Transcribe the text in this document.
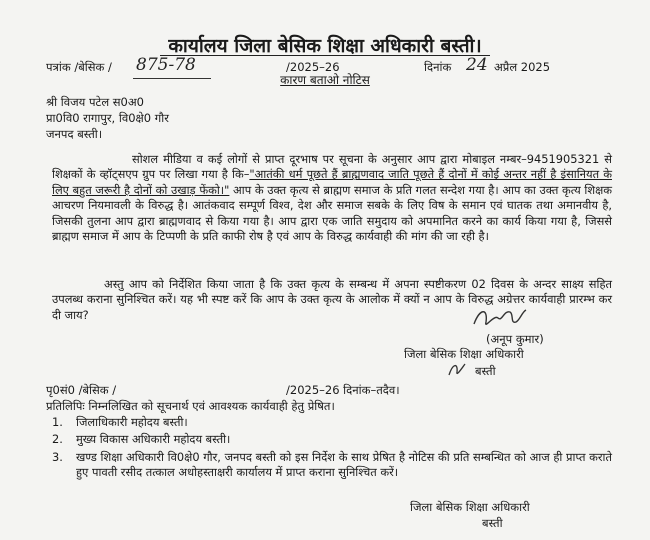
कार्यालय जिला बेसिक शिक्षा अधिकारी बस्ती।
पत्रांक /बेसिक / 875-78	/2025–26	दिनांक 24 अप्रैल 2025
कारण बताओ नोटिस
श्री विजय पटेल स0अ0
प्रा0वि0 रागापुर, वि0क्षे0 गौर
जनपद बस्ती।
सोशल मीडिया व कई लोगों से प्राप्त दूरभाष पर सूचना के अनुसार आप द्वारा मोबाइल नम्बर–9451905321 से शिक्षकों के व्हॉट्सएप ग्रुप पर लिखा गया है कि–"आतंकी धर्म पूछते हैं ब्राह्मणवाद जाति पूछते हैं दोनों में कोई अन्तर नहीं है इंसानियत के लिए बहुत जरूरी है दोनों को उखाड़ फेंको।" आप के उक्त कृत्य से ब्राह्मण समाज के प्रति गलत सन्देश गया है। आप का उक्त कृत्य शिक्षक आचरण नियमावली के विरुद्ध है। आतंकवाद सम्पूर्ण विश्व, देश और समाज सबके के लिए विष के समान एवं घातक तथा अमानवीय है, जिसकी तुलना आप द्वारा ब्राह्मणवाद से किया गया है। आप द्वारा एक जाति समुदाय को अपमानित करने का कार्य किया गया है, जिससे ब्राह्मण समाज में आप के टिप्पणी के प्रति काफी रोष है एवं आप के विरुद्ध कार्यवाही की मांग की जा रही है।
अस्तु आप को निर्देशित किया जाता है कि उक्त कृत्य के सम्बन्ध में अपना स्पष्टीकरण 02 दिवस के अन्दर साक्ष्य सहित उपलब्ध कराना सुनिश्चित करें। यह भी स्पष्ट करें कि आप के उक्त कृत्य के आलोक में क्यों न आप के विरुद्ध अग्रेत्तर कार्यवाही प्रारम्भ कर दी जाय?
(अनूप कुमार)
जिला बेसिक शिक्षा अधिकारी
बस्ती
पृ0सं0 /बेसिक /	/2025–26 दिनांक–तदैव।
प्रतिलिपिः निम्नलिखित को सूचनार्थ एवं आवश्यक कार्यवाही हेतु प्रेषित।
1.	जिलाधिकारी महोदय बस्ती।
2.	मुख्य विकास अधिकारी महोदय बस्ती।
3.	खण्ड शिक्षा अधिकारी वि0क्षे0 गौर, जनपद बस्ती को इस निर्देश के साथ प्रेषित है नोटिस की प्रति सम्बन्धित को आज ही प्राप्त कराते हुए पावती रसीद तत्काल अधोहस्ताक्षरी कार्यालय में प्राप्त कराना सुनिश्चित करें।
जिला बेसिक शिक्षा अधिकारी
बस्ती
